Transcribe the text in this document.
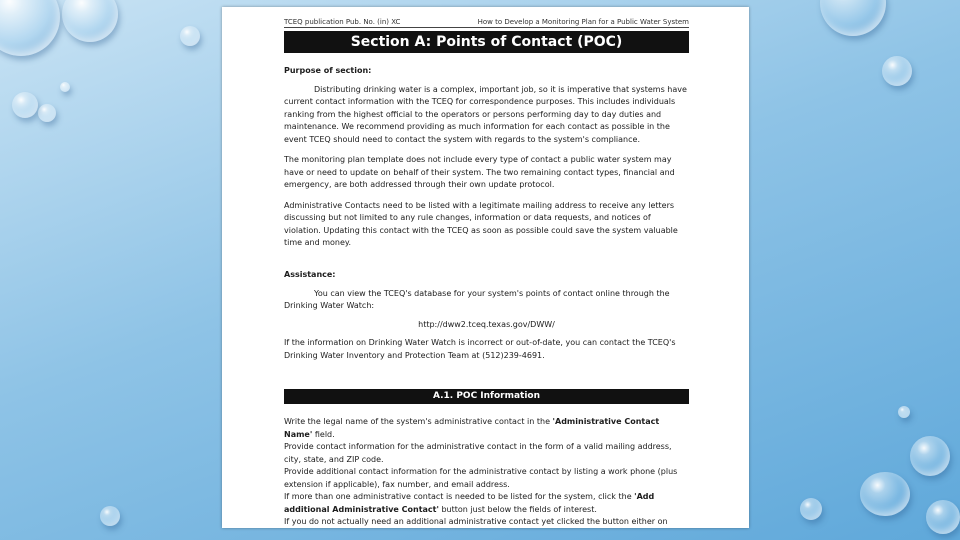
TCEQ publication Pub. No. (in) XC	How to Develop a Monitoring Plan for a Public Water System
Section A: Points of Contact (POC)

Purpose of section:

Distributing drinking water is a complex, important job, so it is imperative that systems have current contact information with the TCEQ for correspondence purposes. This includes individuals ranking from the highest official to the operators or persons performing day to day duties and maintenance. We recommend providing as much information for each contact as possible in the event TCEQ should need to contact the system with regards to the system's compliance.

The monitoring plan template does not include every type of contact a public water system may have or need to update on behalf of their system. The two remaining contact types, financial and emergency, are both addressed through their own update protocol.

Administrative Contacts need to be listed with a legitimate mailing address to receive any letters discussing but not limited to any rule changes, information or data requests, and notices of violation. Updating this contact with the TCEQ as soon as possible could save the system valuable time and money.

Assistance:

You can view the TCEQ's database for your system's points of contact online through the Drinking Water Watch:

http://dww2.tceq.texas.gov/DWW/

If the information on Drinking Water Watch is incorrect or out-of-date, you can contact the TCEQ's Drinking Water Inventory and Protection Team at (512)239-4691.

A.1. POC Information

Write the legal name of the system's administrative contact in the 'Administrative Contact Name' field.

Provide contact information for the administrative contact in the form of a valid mailing address, city, state, and ZIP code.

Provide additional contact information for the administrative contact by listing a work phone (plus extension if applicable), fax number, and email address.

If more than one administrative contact is needed to be listed for the system, click the 'Add additional Administrative Contact' button just below the fields of interest.

If you do not actually need an additional administrative contact yet clicked the button either on
